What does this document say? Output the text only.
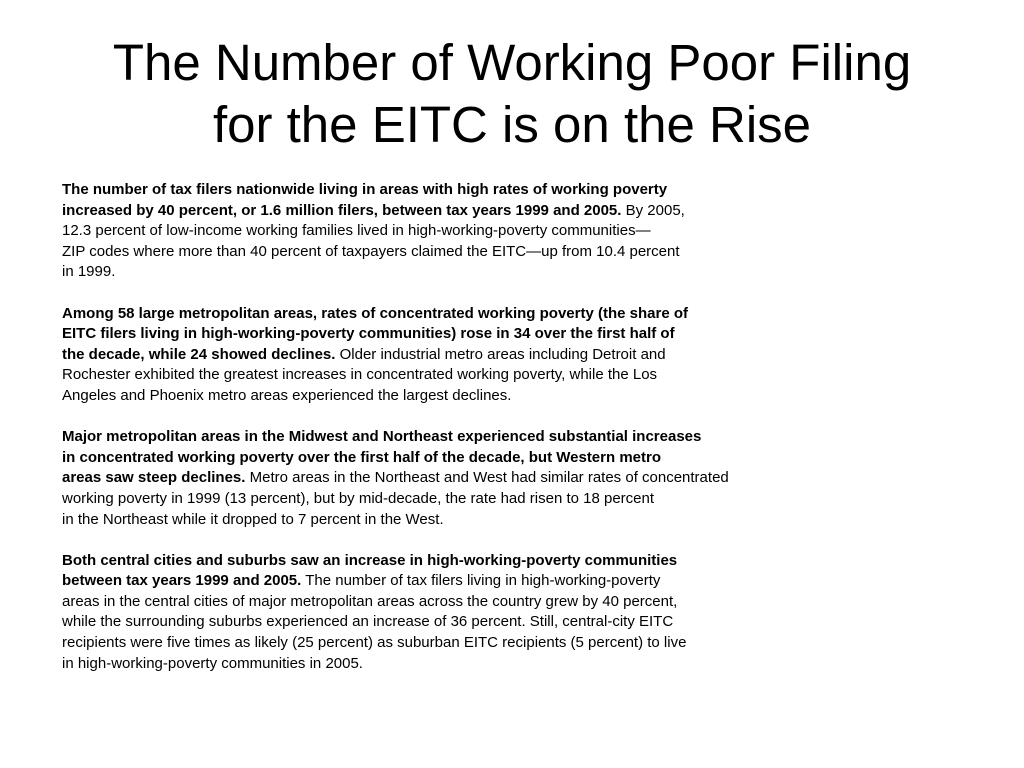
The Number of Working Poor Filing
for the EITC is on the Rise

The number of tax filers nationwide living in areas with high rates of working poverty
increased by 40 percent, or 1.6 million filers, between tax years 1999 and 2005. By 2005,
12.3 percent of low-income working families lived in high-working-poverty communities—
ZIP codes where more than 40 percent of taxpayers claimed the EITC—up from 10.4 percent
in 1999.

Among 58 large metropolitan areas, rates of concentrated working poverty (the share of
EITC filers living in high-working-poverty communities) rose in 34 over the first half of
the decade, while 24 showed declines. Older industrial metro areas including Detroit and
Rochester exhibited the greatest increases in concentrated working poverty, while the Los
Angeles and Phoenix metro areas experienced the largest declines.

Major metropolitan areas in the Midwest and Northeast experienced substantial increases
in concentrated working poverty over the first half of the decade, but Western metro
areas saw steep declines. Metro areas in the Northeast and West had similar rates of concentrated
working poverty in 1999 (13 percent), but by mid-decade, the rate had risen to 18 percent
in the Northeast while it dropped to 7 percent in the West.

Both central cities and suburbs saw an increase in high-working-poverty communities
between tax years 1999 and 2005. The number of tax filers living in high-working-poverty
areas in the central cities of major metropolitan areas across the country grew by 40 percent,
while the surrounding suburbs experienced an increase of 36 percent. Still, central-city EITC
recipients were five times as likely (25 percent) as suburban EITC recipients (5 percent) to live
in high-working-poverty communities in 2005.
